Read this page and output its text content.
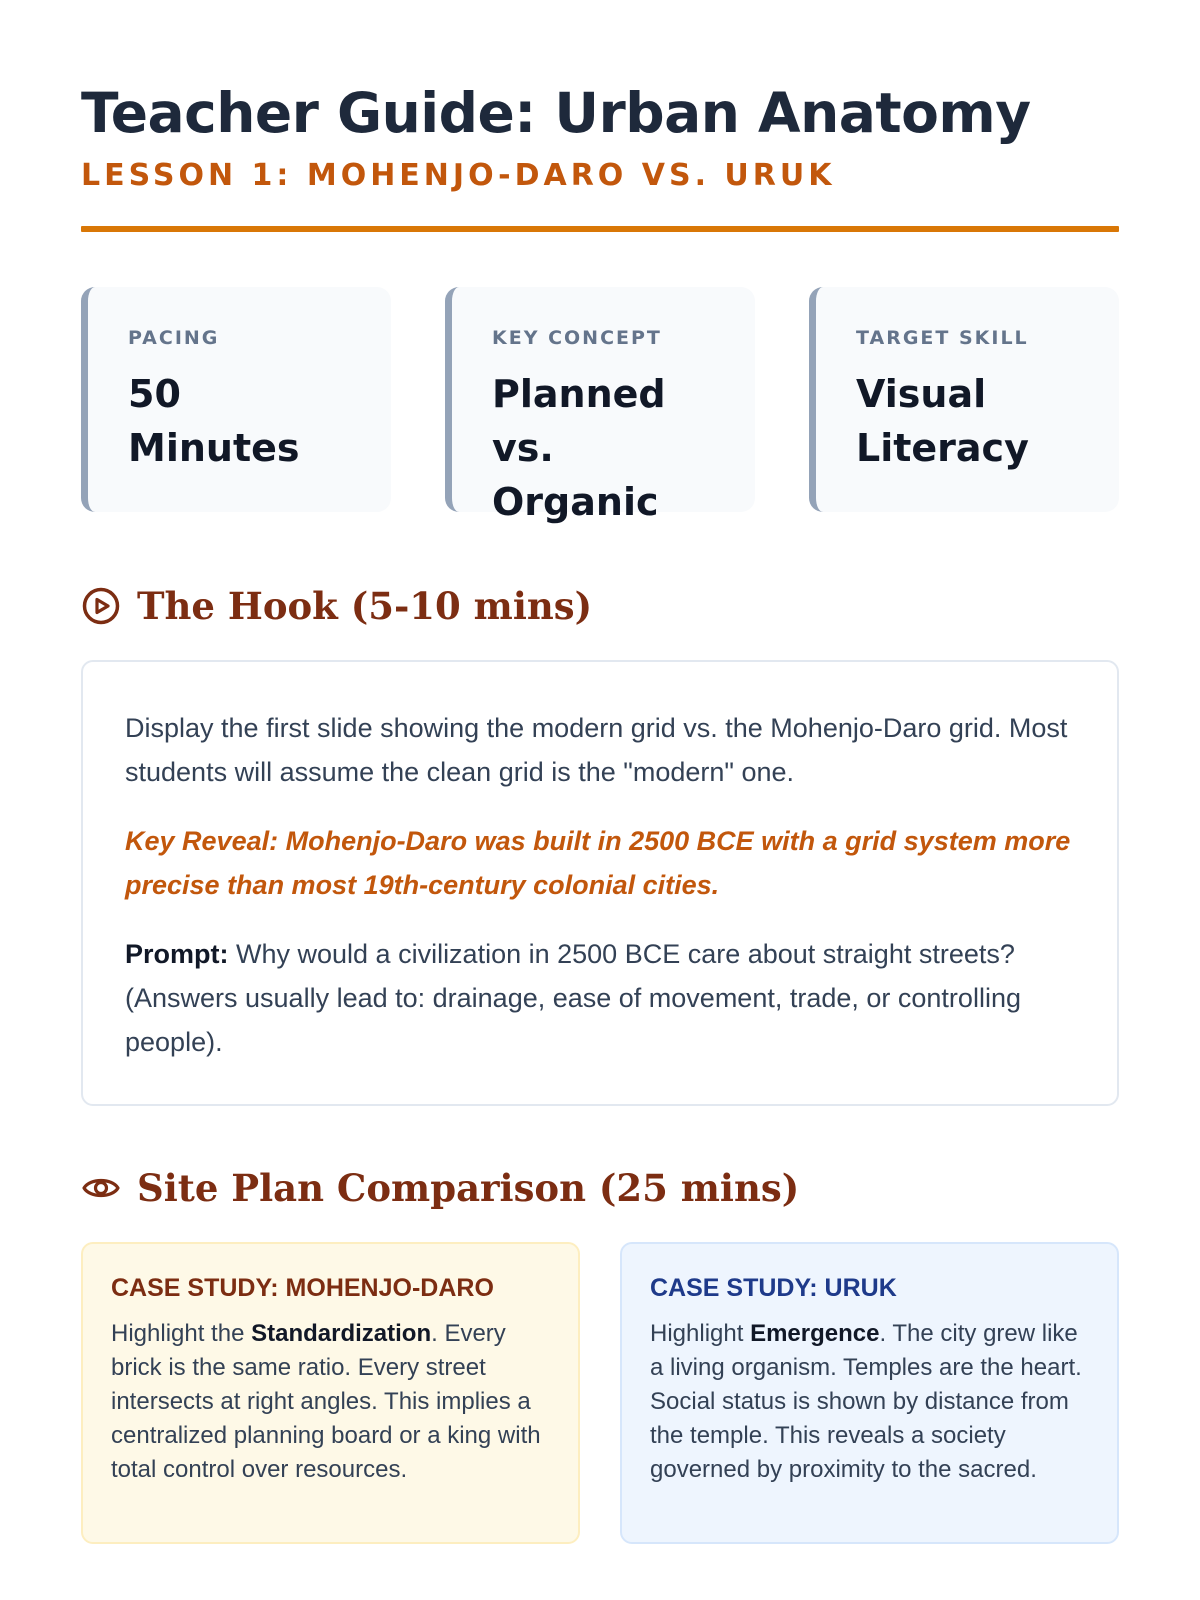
Teacher Guide: Urban Anatomy
LESSON 1: MOHENJO-DARO VS. URUK
PACING
50 Minutes
KEY CONCEPT
Planned vs. Organic
TARGET SKILL
Visual Literacy
The Hook (5-10 mins)

Display the first slide showing the modern grid vs. the Mohenjo-Daro grid. Most students will assume the clean grid is the "modern" one.

Key Reveal: Mohenjo-Daro was built in 2500 BCE with a grid system more precise than most 19th-century colonial cities.

Prompt: Why would a civilization in 2500 BCE care about straight streets? (Answers usually lead to: drainage, ease of movement, trade, or controlling people).

Site Plan Comparison (25 mins)
CASE STUDY: MOHENJO-DARO
Highlight the Standardization. Every brick is the same ratio. Every street intersects at right angles. This implies a centralized planning board or a king with total control over resources.
CASE STUDY: URUK
Highlight Emergence. The city grew like a living organism. Temples are the heart. Social status is shown by distance from the temple. This reveals a society governed by proximity to the sacred.
